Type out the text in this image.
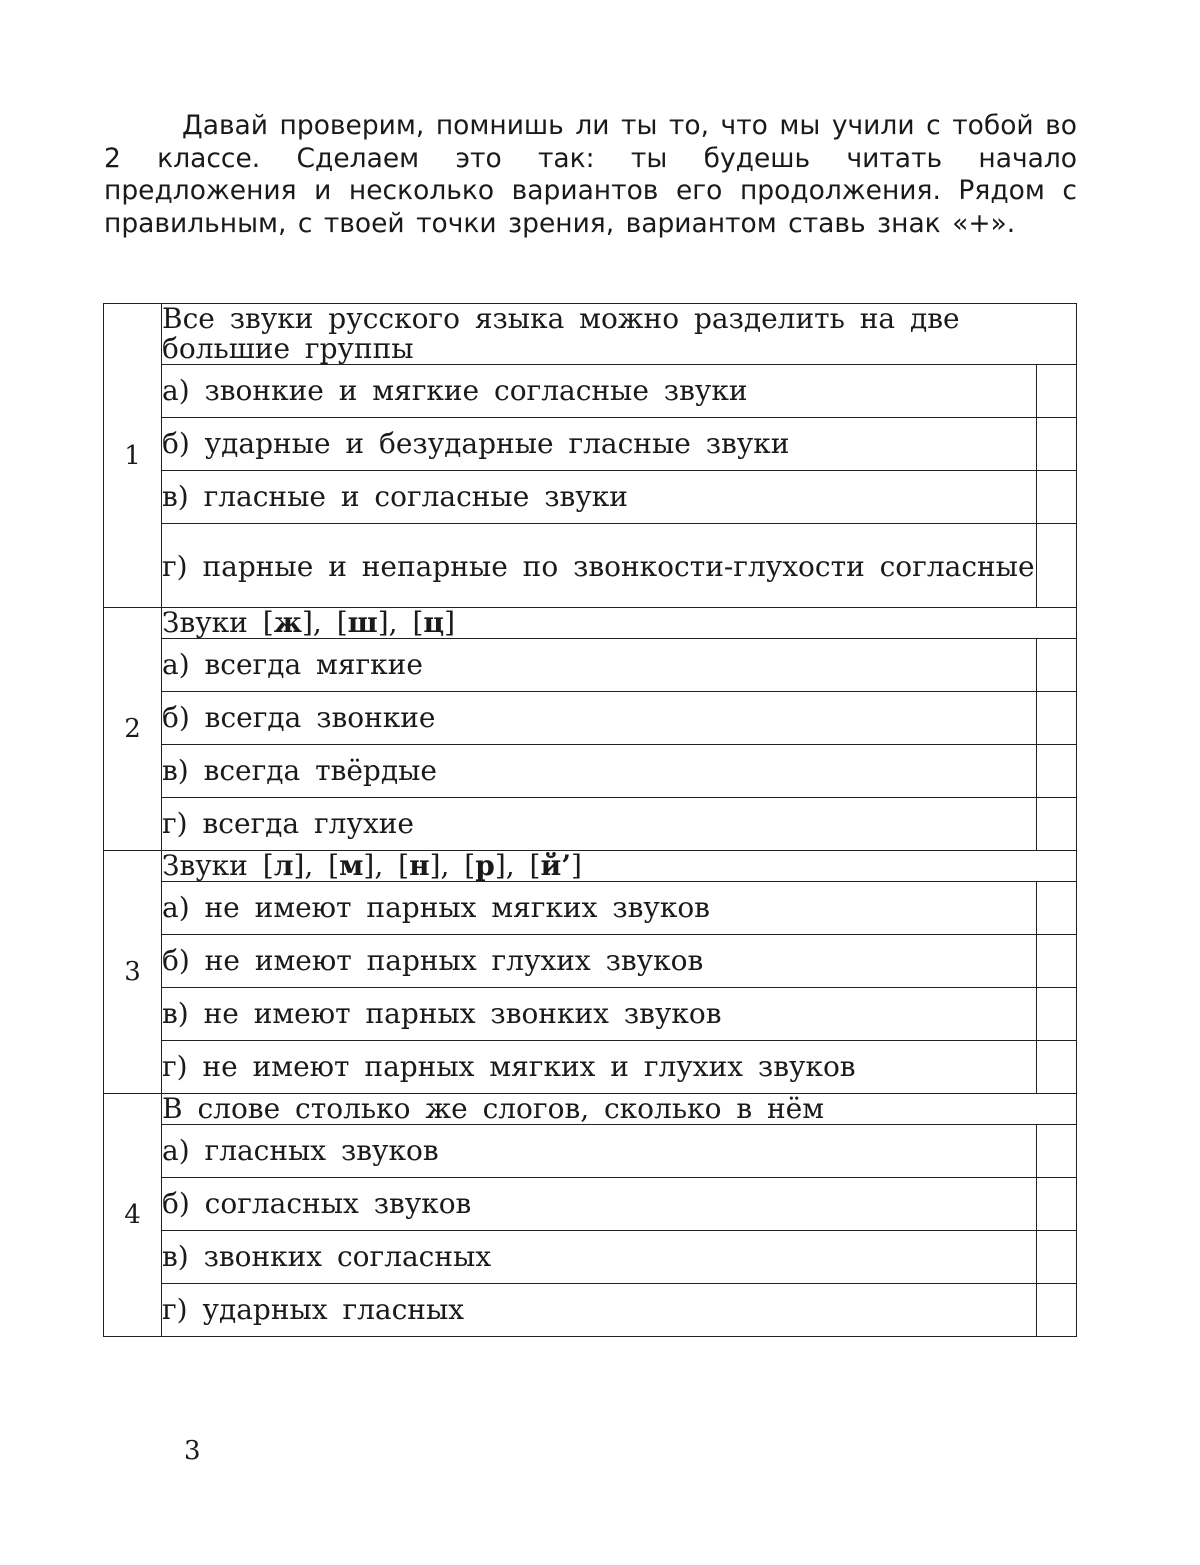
Давай проверим, помнишь ли ты то, что мы учили с тобой во 2 классе. Сделаем это так: ты будешь читать начало предложения и несколько вариантов его продолжения. Рядом с правильным, с твоей точки зрения, вариантом ставь знак «+».

1	Все звуки русского языка можно разделить на две большие группы	
	а) звонкие и мягкие согласные звуки	
	б) ударные и безударные гласные звуки	
	в) гласные и согласные звуки	
	г) парные и непарные по звонкости-глухости согласные	
2	Звуки [ж], [ш], [ц]	
	а) всегда мягкие	
	б) всегда звонкие	
	в) всегда твёрдые	
	г) всегда глухие	
3	Звуки [л], [м], [н], [р], [й’]	
	а) не имеют парных мягких звуков	
	б) не имеют парных глухих звуков	
	в) не имеют парных звонких звуков	
	г) не имеют парных мягких и глухих звуков	
4	В слове столько же слогов, сколько в нём	
	а) гласных звуков	
	б) согласных звуков	
	в) звонких согласных	
	г) ударных гласных	
3
